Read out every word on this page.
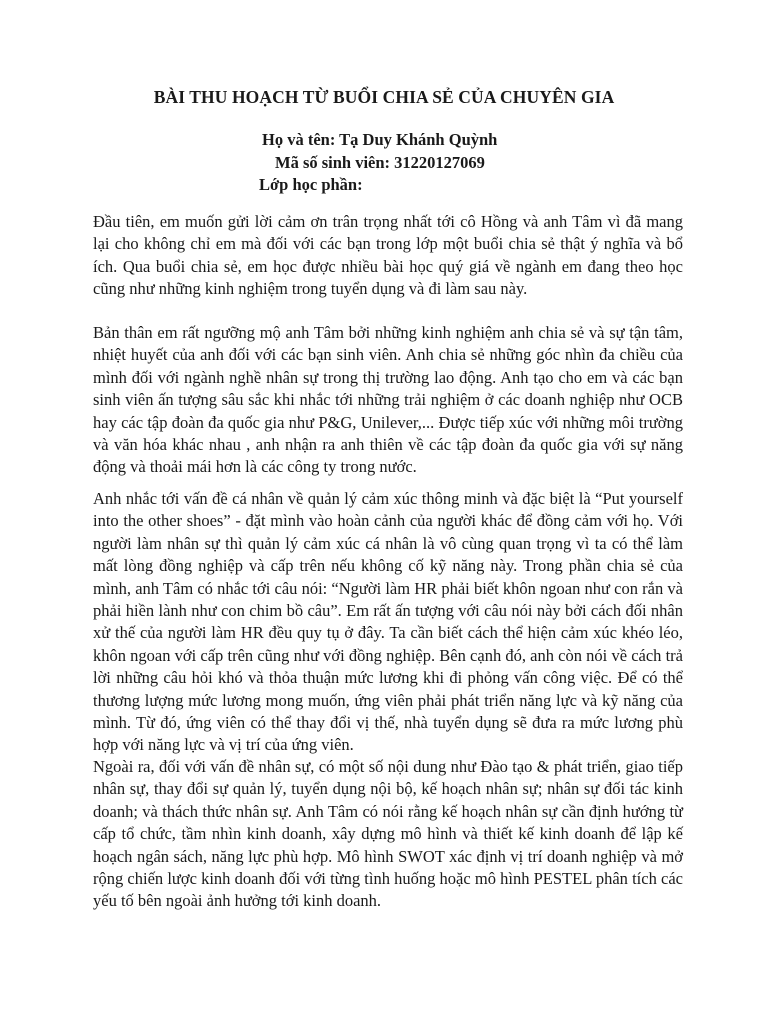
BÀI THU HOẠCH TỪ BUỔI CHIA SẺ CỦA CHUYÊN GIA
Họ và tên: Tạ Duy Khánh Quỳnh
Mã số sinh viên: 31220127069
Lớp học phần:

Đầu tiên, em muốn gửi lời cảm ơn trân trọng nhất tới cô Hồng và anh Tâm vì đã mang lại cho không chỉ em mà đối với các bạn trong lớp một buổi chia sẻ thật ý nghĩa và bổ ích. Qua buổi chia sẻ, em học được nhiều bài học quý giá về ngành em đang theo học cũng như những kinh nghiệm trong tuyển dụng và đi làm sau này.

Bản thân em rất ngưỡng mộ anh Tâm bởi những kinh nghiệm anh chia sẻ và sự tận tâm, nhiệt huyết của anh đối với các bạn sinh viên. Anh chia sẻ những góc nhìn đa chiều của mình đối với ngành nghề nhân sự trong thị trường lao động. Anh tạo cho em và các bạn sinh viên ấn tượng sâu sắc khi nhắc tới những trải nghiệm ở các doanh nghiệp như OCB hay các tập đoàn đa quốc gia như P&G, Unilever,... Được tiếp xúc với những môi trường và văn hóa khác nhau , anh nhận ra anh thiên về các tập đoàn đa quốc gia với sự năng động và thoải mái hơn là các công ty trong nước.

Anh nhắc tới vấn đề cá nhân về quản lý cảm xúc thông minh và đặc biệt là “Put yourself into the other shoes” - đặt mình vào hoàn cảnh của người khác để đồng cảm với họ. Với người làm nhân sự thì quản lý cảm xúc cá nhân là vô cùng quan trọng vì ta có thể làm mất lòng đồng nghiệp và cấp trên nếu không cố kỹ năng này. Trong phần chia sẻ của mình, anh Tâm có nhắc tới câu nói: “Người làm HR phải biết khôn ngoan như con rắn và phải hiền lành như con chim bồ câu”. Em rất ấn tượng với câu nói này bởi cách đối nhân xử thế của người làm HR đều quy tụ ở đây. Ta cần biết cách thể hiện cảm xúc khéo léo, khôn ngoan với cấp trên cũng như với đồng nghiệp. Bên cạnh đó, anh còn nói về cách trả lời những câu hỏi khó và thỏa thuận mức lương khi đi phỏng vấn công việc. Để có thể thương lượng mức lương mong muốn, ứng viên phải phát triển năng lực và kỹ năng của mình. Từ đó, ứng viên có thể thay đổi vị thế, nhà tuyển dụng sẽ đưa ra mức lương phù hợp với năng lực và vị trí của ứng viên.

Ngoài ra, đối với vấn đề nhân sự, có một số nội dung như Đào tạo & phát triển, giao tiếp nhân sự, thay đổi sự quản lý, tuyển dụng nội bộ, kế hoạch nhân sự; nhân sự đối tác kinh doanh; và thách thức nhân sự. Anh Tâm có nói rằng kế hoạch nhân sự cần định hướng từ cấp tổ chức, tầm nhìn kinh doanh, xây dựng mô hình và thiết kế kinh doanh để lập kế hoạch ngân sách, năng lực phù hợp. Mô hình SWOT xác định vị trí doanh nghiệp và mở rộng chiến lược kinh doanh đối với từng tình huống hoặc mô hình PESTEL phân tích các yếu tố bên ngoài ảnh hưởng tới kinh doanh.
